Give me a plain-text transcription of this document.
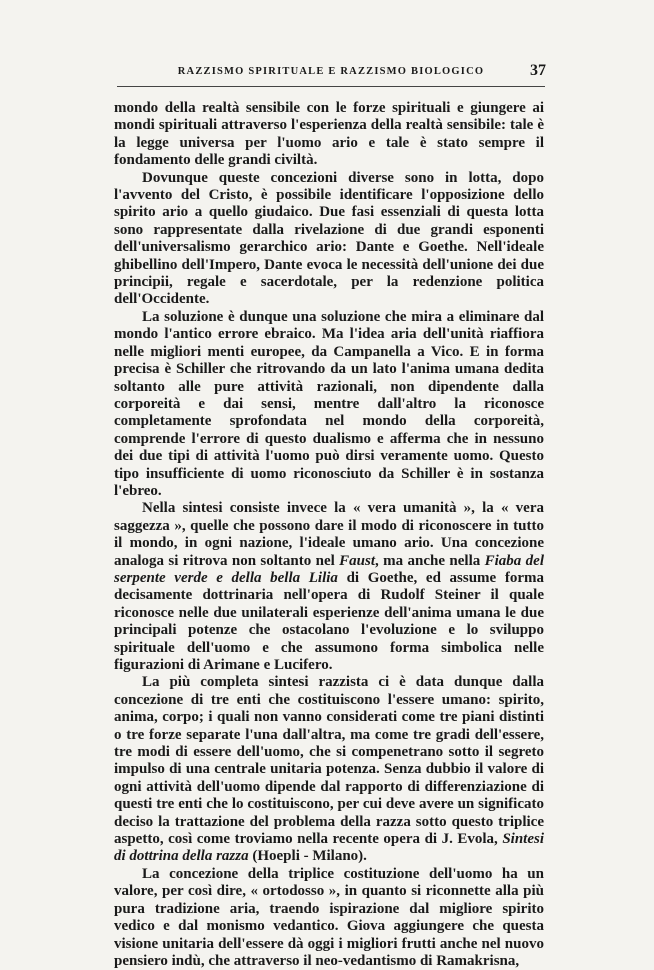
RAZZISMO SPIRITUALE E RAZZISMO BIOLOGICO	37

mondo della realtà sensibile con le forze spirituali e giungere ai mondi spirituali attraverso l'esperienza della realtà sensibile: tale è la legge universa per l'uomo ario e tale è stato sempre il fondamento delle grandi civiltà.

Dovunque queste concezioni diverse sono in lotta, dopo l'avvento del Cristo, è possibile identificare l'opposizione dello spirito ario a quello giudaico. Due fasi essenziali di questa lotta sono rappresentate dalla rivelazione di due grandi esponenti dell'universalismo gerarchico ario: Dante e Goethe. Nell'ideale ghibellino dell'Impero, Dante evoca le necessità dell'unione dei due principii, regale e sacerdotale, per la redenzione politica dell'Occidente.

La soluzione è dunque una soluzione che mira a eliminare dal mondo l'antico errore ebraico. Ma l'idea aria dell'unità riaffiora nelle migliori menti europee, da Campanella a Vico. E in forma precisa è Schiller che ritrovando da un lato l'anima umana dedita soltanto alle pure attività razionali, non dipendente dalla corporeità e dai sensi, mentre dall'altro la riconosce completamente sprofondata nel mondo della corporeità, comprende l'errore di questo dualismo e afferma che in nessuno dei due tipi di attività l'uomo può dirsi veramente uomo. Questo tipo insufficiente di uomo riconosciuto da Schiller è in sostanza l'ebreo.

Nella sintesi consiste invece la « vera umanità », la « vera saggezza », quelle che possono dare il modo di riconoscere in tutto il mondo, in ogni nazione, l'ideale umano ario. Una concezione analoga si ritrova non soltanto nel Faust, ma anche nella Fiaba del serpente verde e della bella Lilia di Goethe, ed assume forma decisamente dottrinaria nell'opera di Rudolf Steiner il quale riconosce nelle due unilaterali esperienze dell'anima umana le due principali potenze che ostacolano l'evoluzione e lo sviluppo spirituale dell'uomo e che assumono forma simbolica nelle figurazioni di Arimane e Lucifero.

La più completa sintesi razzista ci è data dunque dalla concezione di tre enti che costituiscono l'essere umano: spirito, anima, corpo; i quali non vanno considerati come tre piani distinti o tre forze separate l'una dall'altra, ma come tre gradi dell'essere, tre modi di essere dell'uomo, che si compenetrano sotto il segreto impulso di una centrale unitaria potenza. Senza dubbio il valore di ogni attività dell'uomo dipende dal rapporto di differenziazione di questi tre enti che lo costituiscono, per cui deve avere un significato deciso la trattazione del problema della razza sotto questo triplice aspetto, così come troviamo nella recente opera di J. Evola, Sintesi di dottrina della razza (Hoepli - Milano).

La concezione della triplice costituzione dell'uomo ha un valore, per così dire, « ortodosso », in quanto si riconnette alla più pura tradizione aria, traendo ispirazione dal migliore spirito vedico e dal monismo vedantico. Giova aggiungere che questa visione unitaria dell'essere dà oggi i migliori frutti anche nel nuovo pensiero indù, che attraverso il neo-vedantismo di Ramakrisna,
